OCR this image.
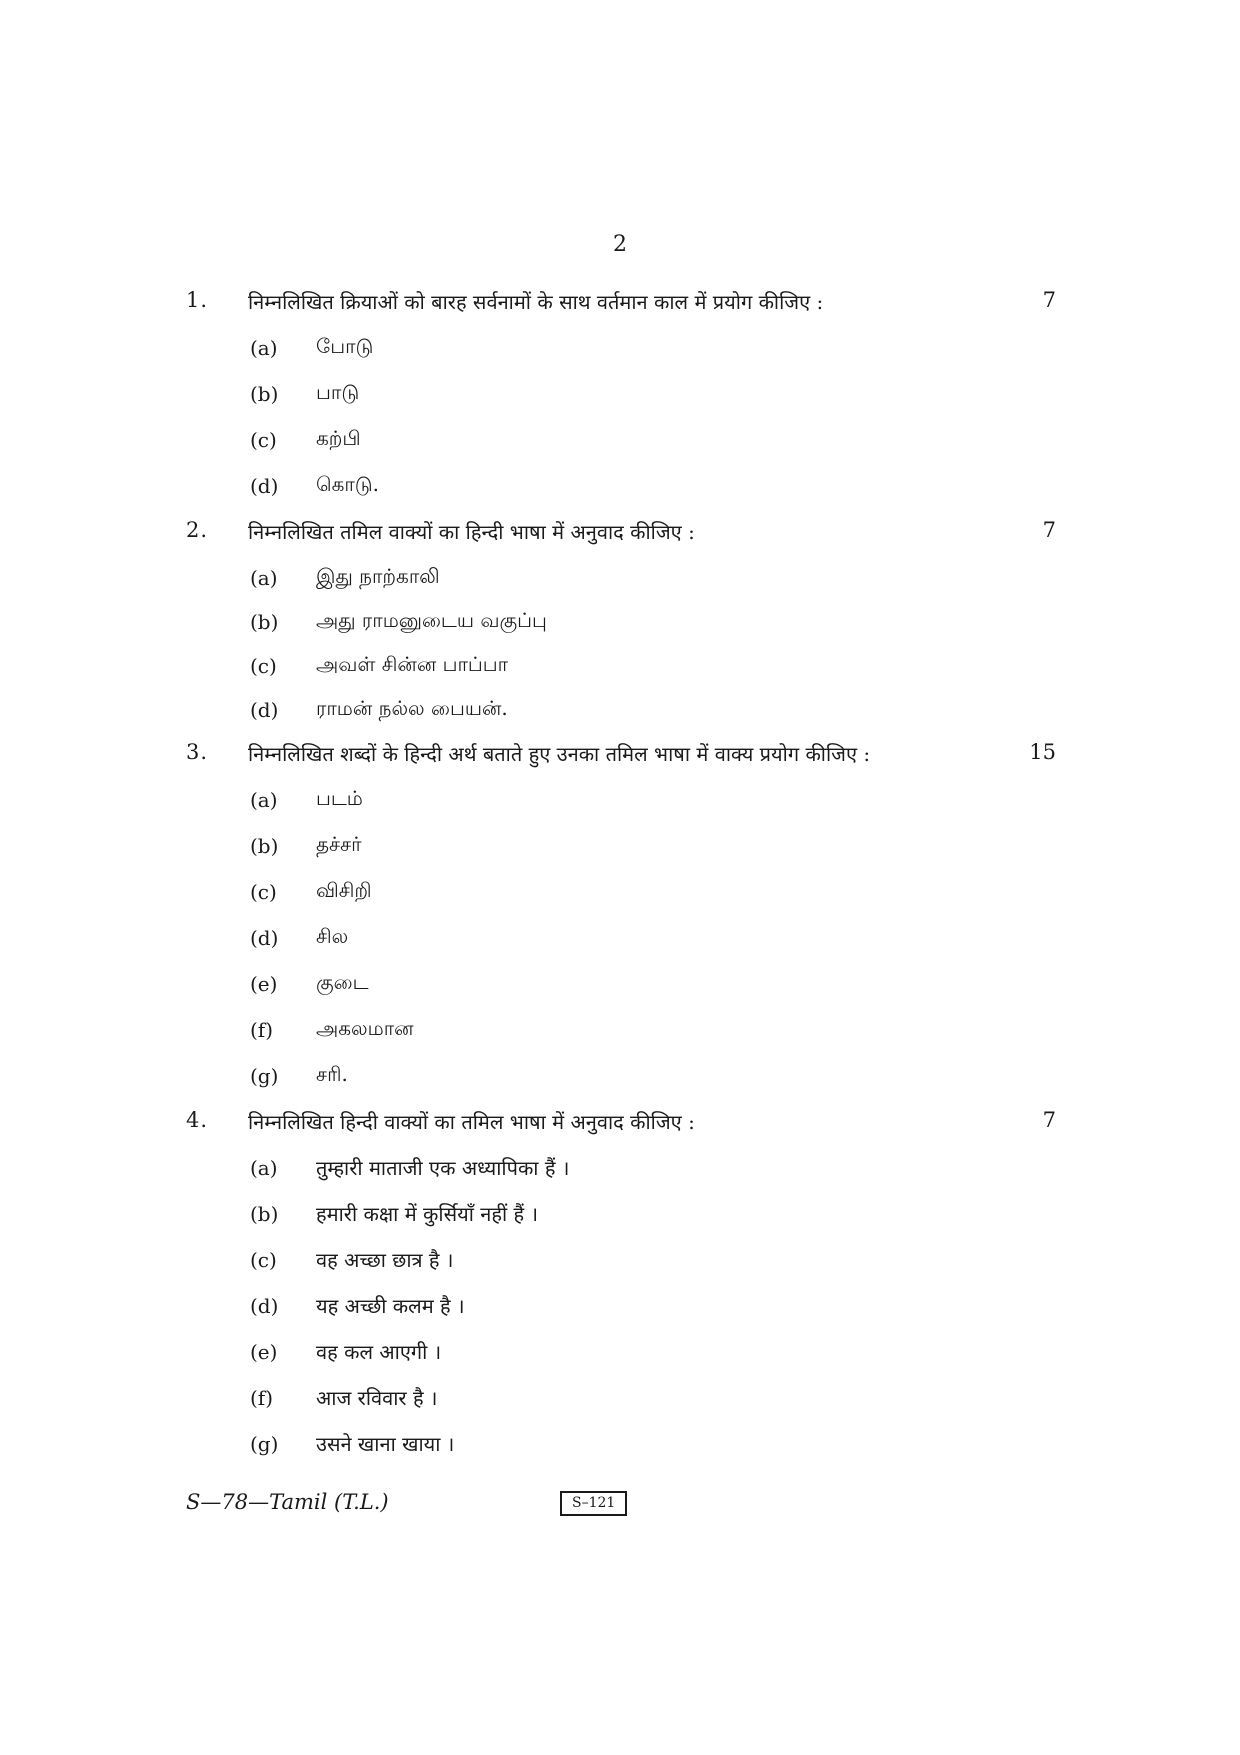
2
1. निम्नलिखित क्रियाओं को बारह सर्वनामों के साथ वर्तमान काल में प्रयोग कीजिए :	7
(a) போடு
(b) பாடு
(c) கற்பி
(d) கொடு.
2. निम्नलिखित तमिल वाक्यों का हिन्दी भाषा में अनुवाद कीजिए :	7
(a) இது நாற்காலி
(b) அது ராமனுடைய வகுப்பு
(c) அவள் சின்ன பாப்பா
(d) ராமன் நல்ல பையன்.
3. निम्नलिखित शब्दों के हिन्दी अर्थ बताते हुए उनका तमिल भाषा में वाक्य प्रयोग कीजिए :	15
(a) படம்
(b) தச்சர்
(c) விசிறி
(d) சில
(e) குடை
(f) அகலமான
(g) சரி.
4. निम्नलिखित हिन्दी वाक्यों का तमिल भाषा में अनुवाद कीजिए :	7
(a) तुम्हारी माताजी एक अध्यापिका हैं ।
(b) हमारी कक्षा में कुर्सियाँ नहीं हैं ।
(c) वह अच्छा छात्र है ।
(d) यह अच्छी कलम है ।
(e) वह कल आएगी ।
(f) आज रविवार है ।
(g) उसने खाना खाया ।
S—78—Tamil (T.L.)	S–121
